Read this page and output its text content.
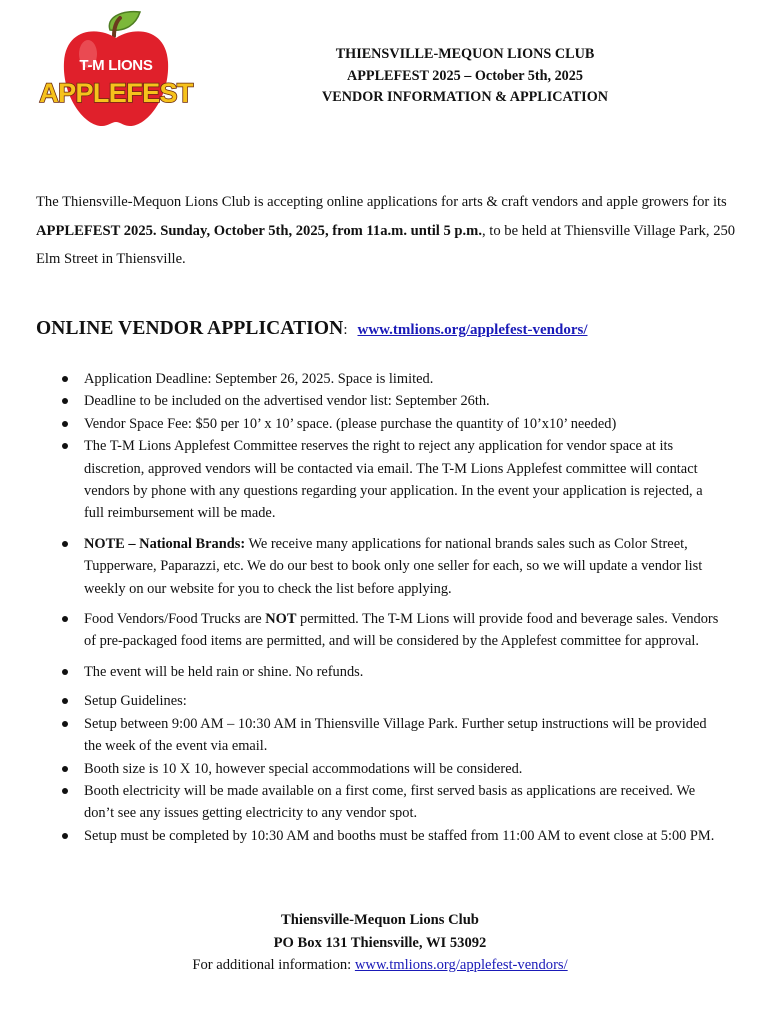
T-M LIONS
APPLEFEST
THIENSVILLE-MEQUON LIONS CLUB
APPLEFEST 2025 – October 5th, 2025
VENDOR INFORMATION & APPLICATION
The Thiensville-Mequon Lions Club is accepting online applications for arts & craft vendors and apple growers for its APPLEFEST 2025. Sunday, October 5th, 2025, from 11a.m. until 5 p.m., to be held at Thiensville Village Park, 250 Elm Street in Thiensville.
ONLINE VENDOR APPLICATION: www.tmlions.org/applefest-vendors/
Application Deadline: September 26, 2025. Space is limited.
Deadline to be included on the advertised vendor list: September 26th.
Vendor Space Fee: $50 per 10’ x 10’ space. (please purchase the quantity of 10’x10’ needed)
The T-M Lions Applefest Committee reserves the right to reject any application for vendor space at its discretion, approved vendors will be contacted via email. The T-M Lions Applefest committee will contact vendors by phone with any questions regarding your application. In the event your application is rejected, a full reimbursement will be made.
NOTE – National Brands: We receive many applications for national brands sales such as Color Street, Tupperware, Paparazzi, etc. We do our best to book only one seller for each, so we will update a vendor list weekly on our website for you to check the list before applying.
Food Vendors/Food Trucks are NOT permitted. The T-M Lions will provide food and beverage sales. Vendors of pre-packaged food items are permitted, and will be considered by the Applefest committee for approval.
The event will be held rain or shine. No refunds.
Setup Guidelines:
Setup between 9:00 AM – 10:30 AM in Thiensville Village Park. Further setup instructions will be provided the week of the event via email.
Booth size is 10 X 10, however special accommodations will be considered.
Booth electricity will be made available on a first come, first served basis as applications are received. We don’t see any issues getting electricity to any vendor spot.
Setup must be completed by 10:30 AM and booths must be staffed from 11:00 AM to event close at 5:00 PM.
Thiensville-Mequon Lions Club
PO Box 131 Thiensville, WI 53092
For additional information: www.tmlions.org/applefest-vendors/
